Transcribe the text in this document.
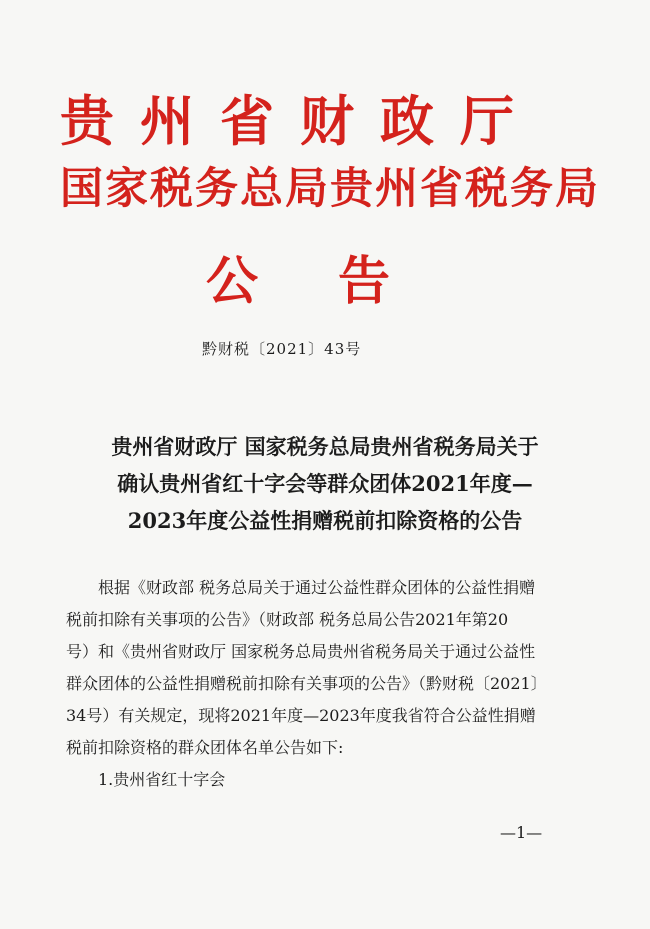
贵州省财政厅
国家税务总局贵州省税务局
公告
黔财税〔2021〕43号
贵州省财政厅 国家税务总局贵州省税务局关于
确认贵州省红十字会等群众团体2021年度—
2023年度公益性捐赠税前扣除资格的公告
根据《财政部 税务总局关于通过公益性群众团体的公益性捐赠
税前扣除有关事项的公告》（财政部 税务总局公告2021年第20
号）和《贵州省财政厅 国家税务总局贵州省税务局关于通过公益性
群众团体的公益性捐赠税前扣除有关事项的公告》（黔财税〔2021〕
34号）有关规定，现将2021年度—2023年度我省符合公益性捐赠
税前扣除资格的群众团体名单公告如下:
1.贵州省红十字会
—1—
